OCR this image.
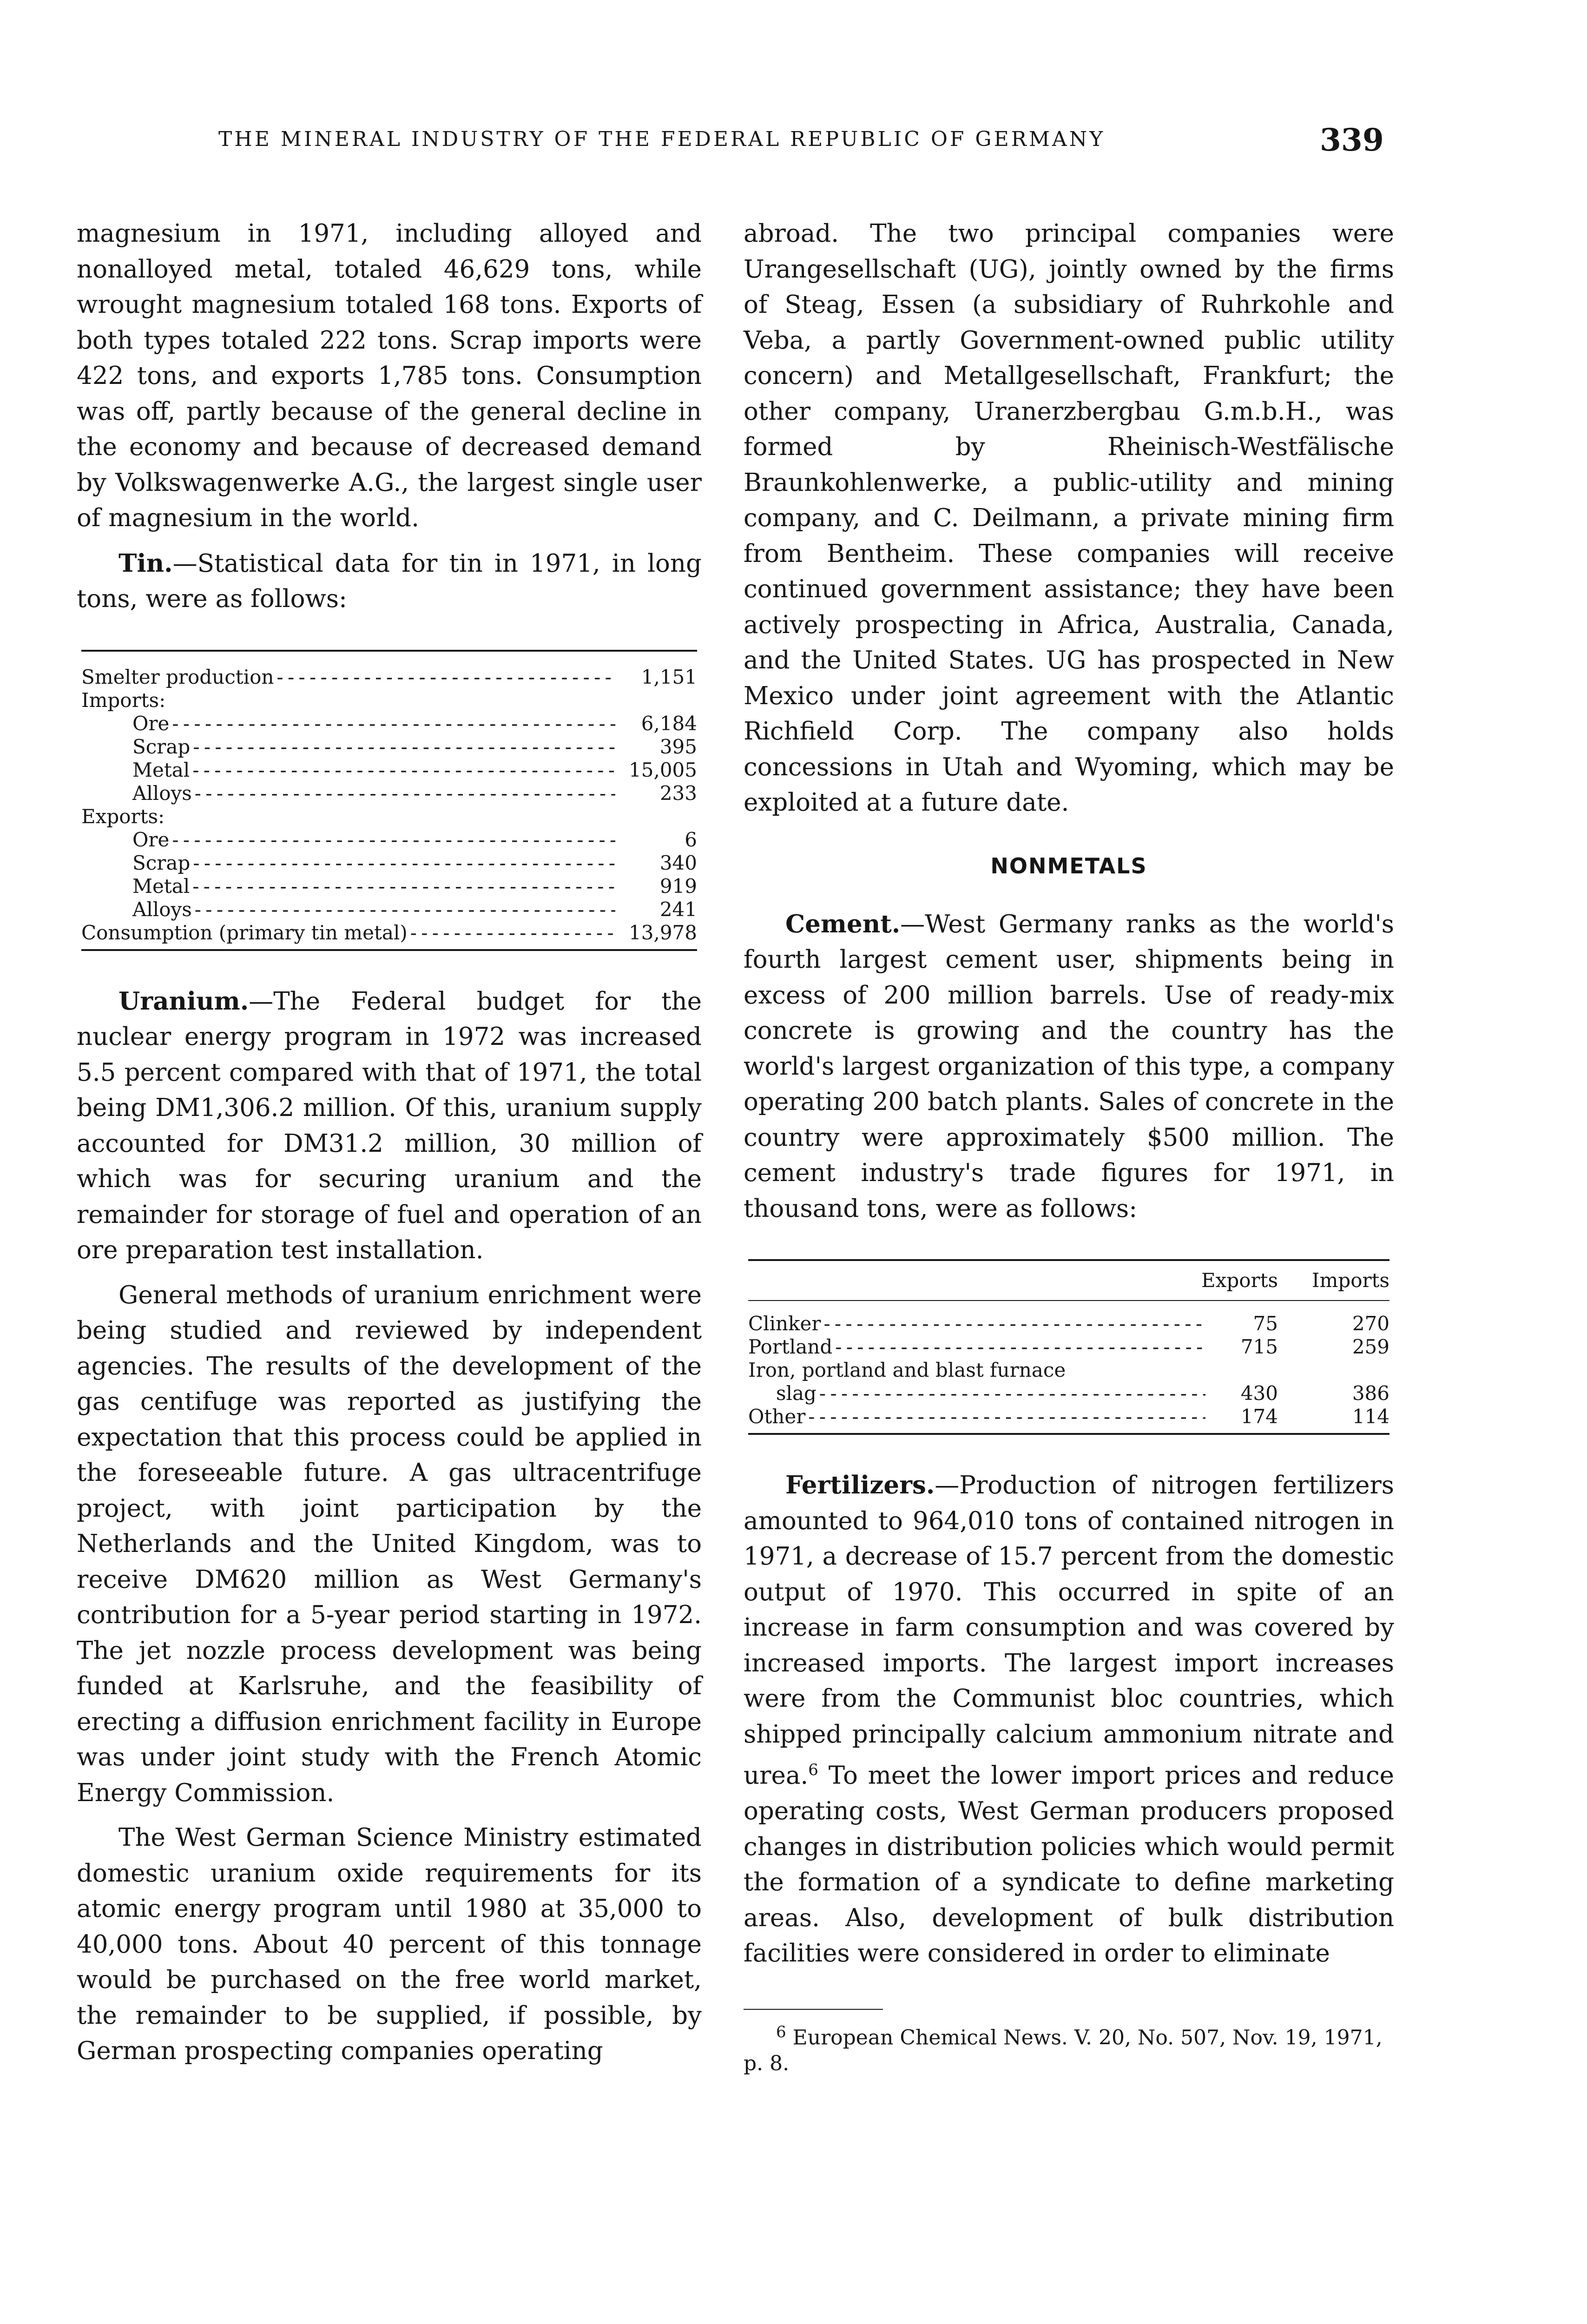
THE MINERAL INDUSTRY OF THE FEDERAL REPUBLIC OF GERMANY	339

magnesium in 1971, including alloyed and nonalloyed metal, totaled 46,629 tons, while wrought magnesium totaled 168 tons. Exports of both types totaled 222 tons. Scrap imports were 422 tons, and exports 1,785 tons. Consumption was off, partly because of the general decline in the economy and because of decreased demand by Volkswagenwerke A.G., the largest single user of magnesium in the world.

Tin.—Statistical data for tin in 1971, in long tons, were as follows:

Smelter production - - -	1,151
Imports:
Ore - - -	6,184
Scrap - - -	395
Metal - - -	15,005
Alloys - - -	233
Exports:
Ore - - -	6
Scrap - - -	340
Metal - - -	919
Alloys - - -	241
Consumption (primary tin metal) - - -	13,978

Uranium.—The Federal budget for the nuclear energy program in 1972 was increased 5.5 percent compared with that of 1971, the total being DM1,306.2 million. Of this, uranium supply accounted for DM31.2 million, 30 million of which was for securing uranium and the remainder for storage of fuel and operation of an ore preparation test installation.

General methods of uranium enrichment were being studied and reviewed by independent agencies. The results of the development of the gas centifuge was reported as justifying the expectation that this process could be applied in the foreseeable future. A gas ultracentrifuge project, with joint participation by the Netherlands and the United Kingdom, was to receive DM620 million as West Germany's contribution for a 5-year period starting in 1972. The jet nozzle process development was being funded at Karlsruhe, and the feasibility of erecting a diffusion enrichment facility in Europe was under joint study with the French Atomic Energy Commission.

The West German Science Ministry estimated domestic uranium oxide requirements for its atomic energy program until 1980 at 35,000 to 40,000 tons. About 40 percent of this tonnage would be purchased on the free world market, the remainder to be supplied, if possible, by German prospecting companies operating

abroad. The two principal companies were Urangesellschaft (UG), jointly owned by the firms of Steag, Essen (a subsidiary of Ruhrkohle and Veba, a partly Government-owned public utility concern) and Metallgesellschaft, Frankfurt; the other company, Uranerzbergbau G.m.b.H., was formed by Rheinisch-Westfälische Braunkohlenwerke, a public-utility and mining company, and C. Deilmann, a private mining firm from Bentheim. These companies will receive continued government assistance; they have been actively prospecting in Africa, Australia, Canada, and the United States. UG has prospected in New Mexico under joint agreement with the Atlantic Richfield Corp. The company also holds concessions in Utah and Wyoming, which may be exploited at a future date.

NONMETALS

Cement.—West Germany ranks as the world's fourth largest cement user, shipments being in excess of 200 million barrels. Use of ready-mix concrete is growing and the country has the world's largest organization of this type, a company operating 200 batch plants. Sales of concrete in the country were approximately $500 million. The cement industry's trade figures for 1971, in thousand tons, were as follows:

Exports	Imports
Clinker - - -	75	270
Portland - - -	715	259
Iron, portland and blast furnace
slag - - -	430	386
Other - - -	174	114

Fertilizers.—Production of nitrogen fertilizers amounted to 964,010 tons of contained nitrogen in 1971, a decrease of 15.7 percent from the domestic output of 1970. This occurred in spite of an increase in farm consumption and was covered by increased imports. The largest import increases were from the Communist bloc countries, which shipped principally calcium ammonium nitrate and urea.$^6$ To meet the lower import prices and reduce operating costs, West German producers proposed changes in distribution policies which would permit the formation of a syndicate to define marketing areas. Also, development of bulk distribution facilities were considered in order to eliminate

$^6$ European Chemical News. V. 20, No. 507, Nov. 19, 1971, p. 8.
